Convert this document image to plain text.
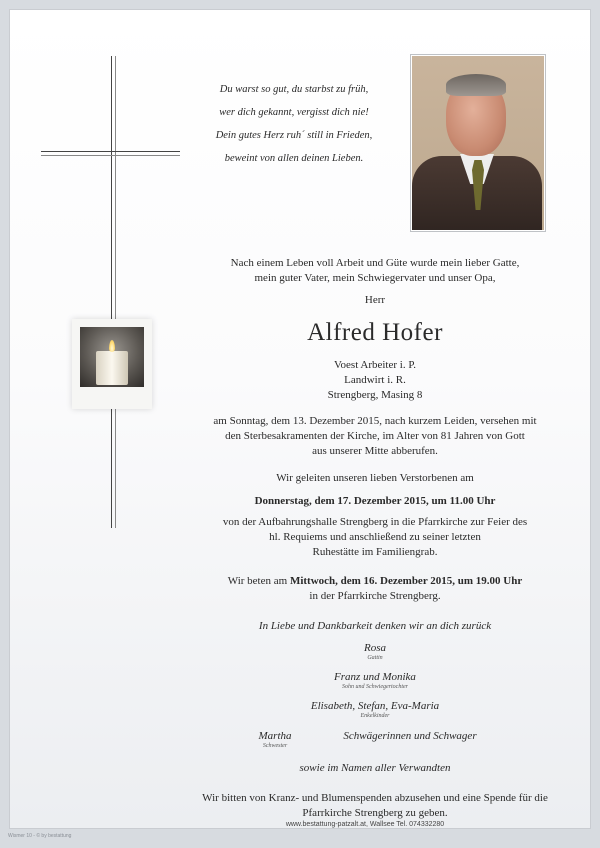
Du warst so gut, du starbst zu früh,
wer dich gekannt, vergisst dich nie!
Dein gutes Herz ruh´ still in Frieden,
beweint von allen deinen Lieben.
Nach einem Leben voll Arbeit und Güte wurde mein lieber Gatte,
mein guter Vater, mein Schwiegervater und unser Opa,
Herr
Alfred Hofer
Voest Arbeiter i. P.
Landwirt i. R.
Strengberg, Masing 8
am Sonntag, dem 13. Dezember 2015, nach kurzem Leiden, versehen mit
den Sterbesakramenten der Kirche, im Alter von 81 Jahren von Gott
aus unserer Mitte abberufen.
Wir geleiten unseren lieben Verstorbenen am
Donnerstag, dem 17. Dezember 2015, um 11.00 Uhr
von der Aufbahrungshalle Strengberg in die Pfarrkirche zur Feier des
hl. Requiems und anschließend zu seiner letzten
Ruhestätte im Familiengrab.
Wir beten am Mittwoch, dem 16. Dezember 2015, um 19.00 Uhr
in der Pfarrkirche Strengberg.
In Liebe und Dankbarkeit denken wir an dich zurück
Rosa
Gattin
Franz und Monika
Sohn und Schwiegertochter
Elisabeth, Stefan, Eva-Maria
Enkelkinder
Martha
Schwester
Schwägerinnen und Schwager
sowie im Namen aller Verwandten
Wir bitten von Kranz- und Blumenspenden abzusehen und eine Spende für die
Pfarrkirche Strengberg zu geben.
www.bestattung-patzalt.at, Wallsee Tel. 074332280
Wismer 10 - © by bestattung
